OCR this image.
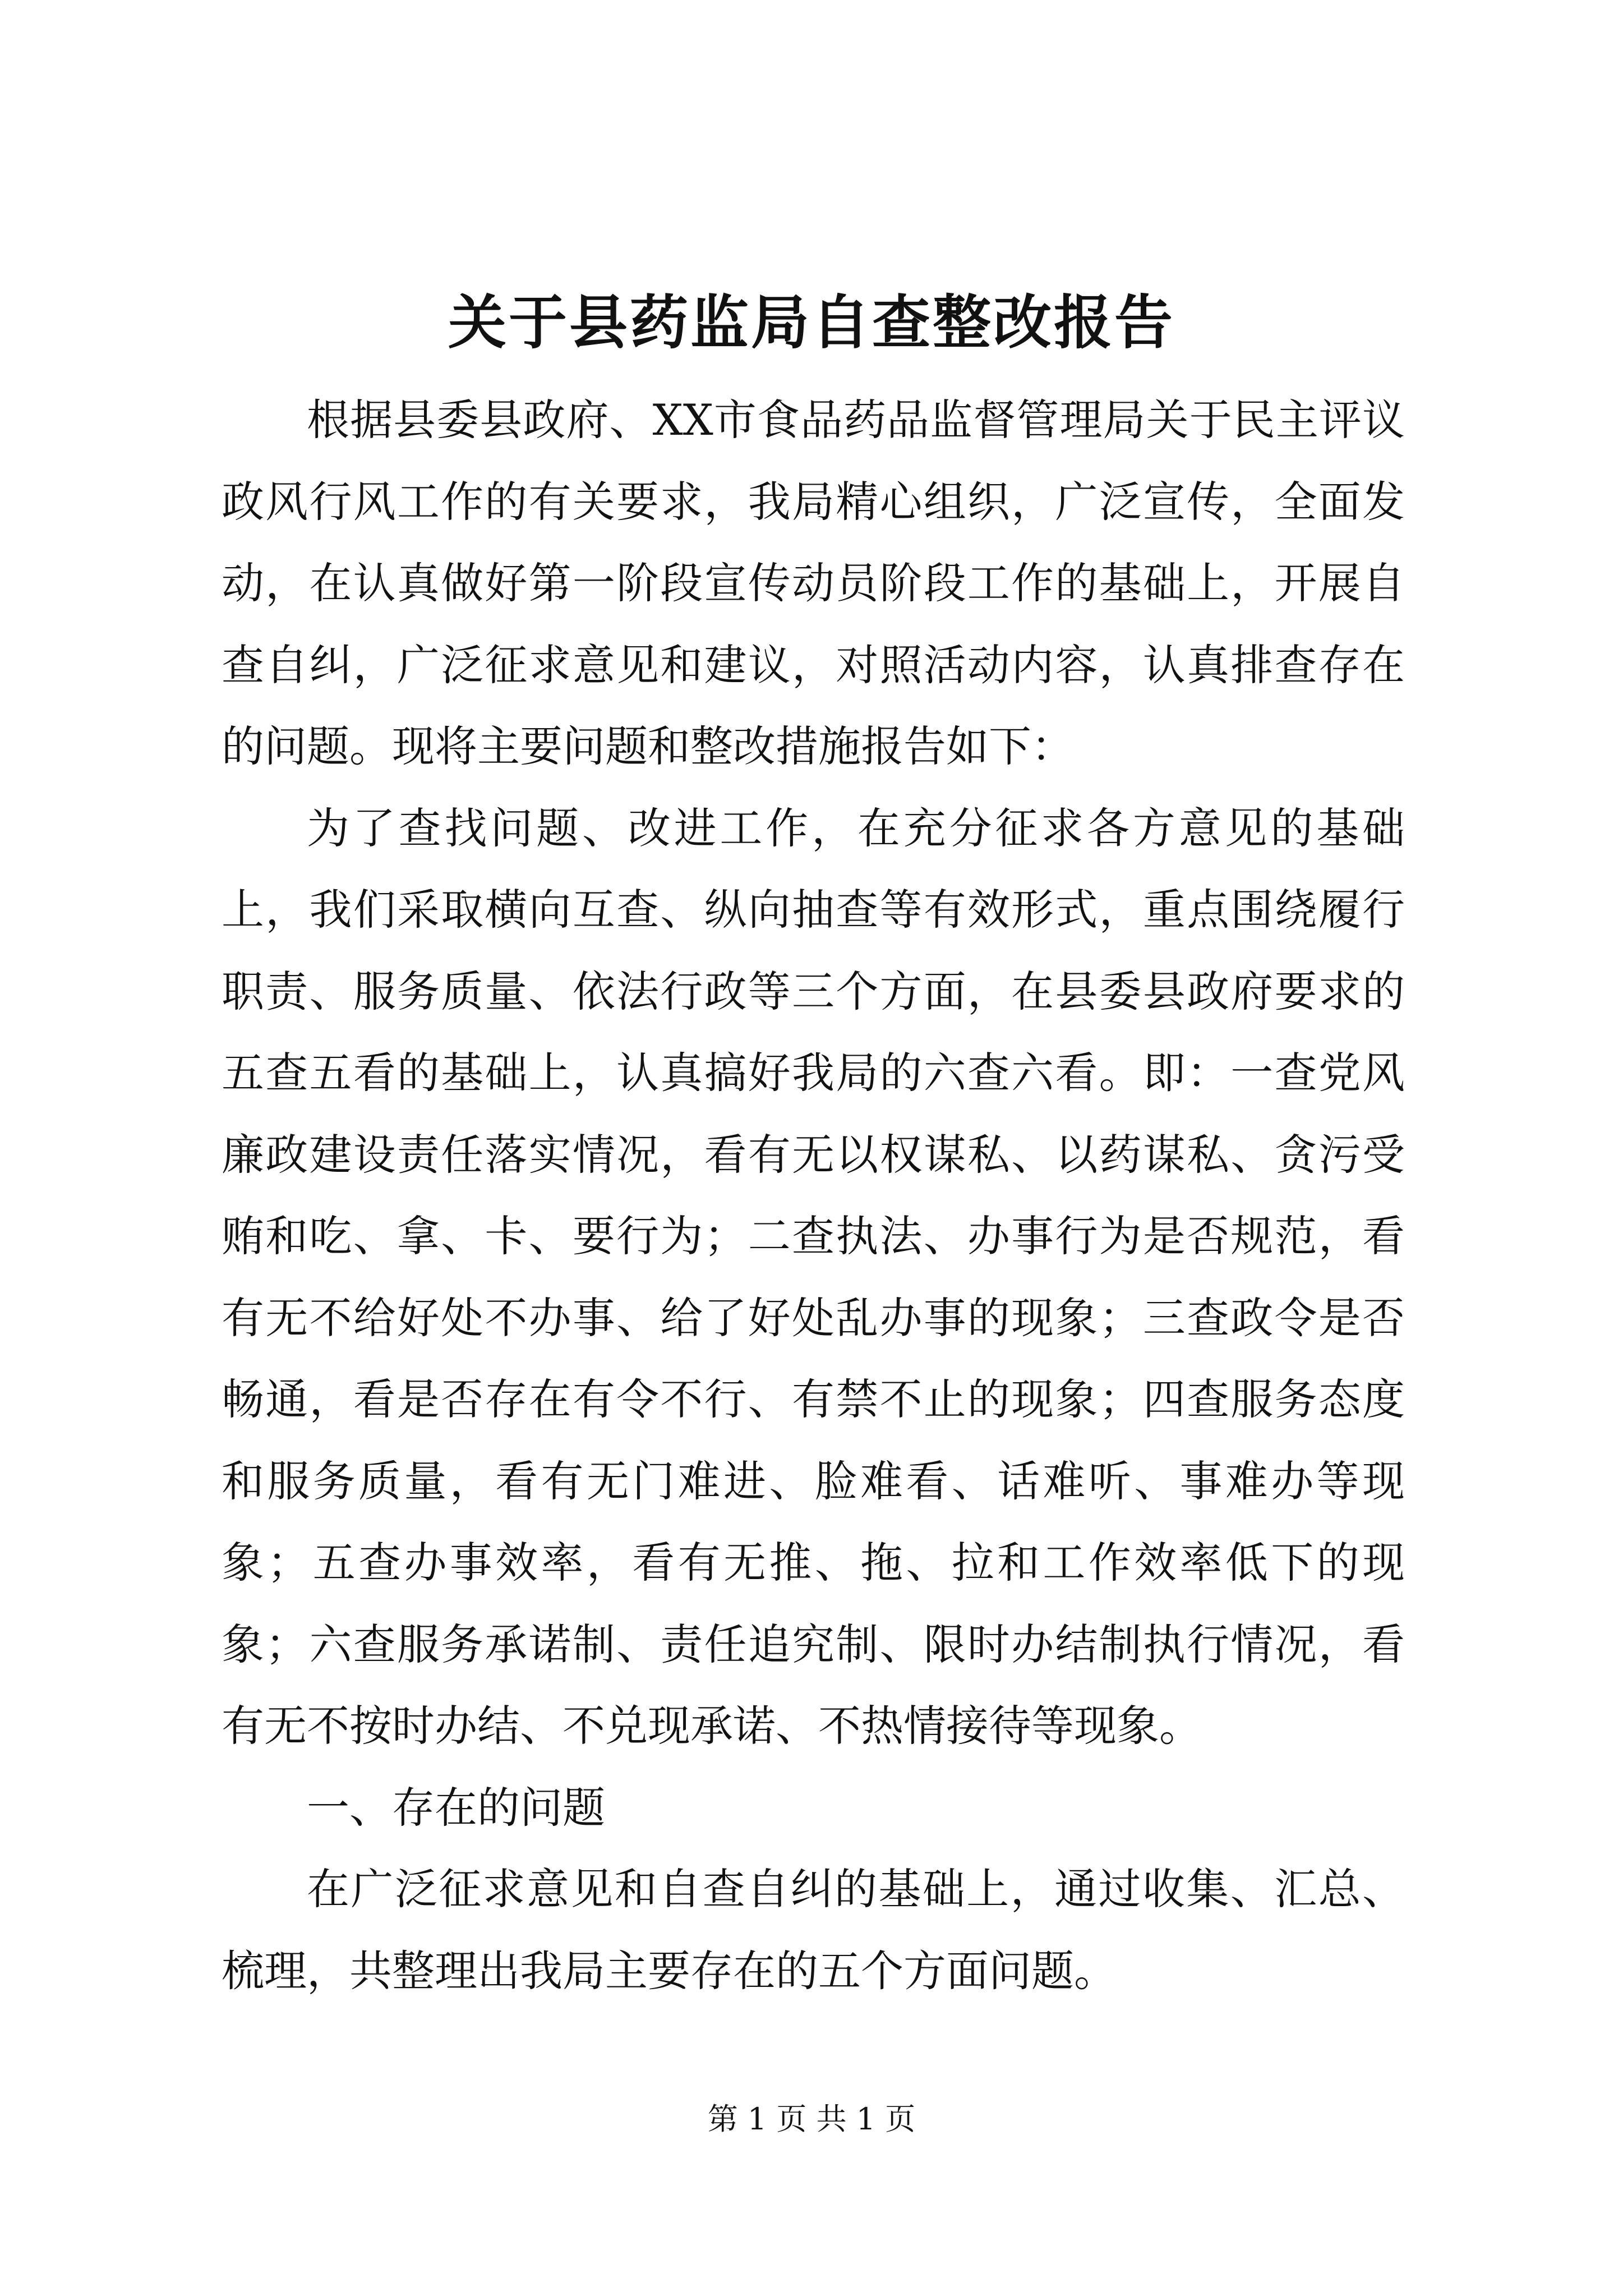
关于县药监局自查整改报告

根据县委县政府、XX市食品药品监督管理局关于民主评议政风行风工作的有关要求，我局精心组织，广泛宣传，全面发动，在认真做好第一阶段宣传动员阶段工作的基础上，开展自查自纠，广泛征求意见和建议，对照活动内容，认真排查存在的问题。现将主要问题和整改措施报告如下：

为了查找问题、改进工作，在充分征求各方意见的基础上，我们采取横向互查、纵向抽查等有效形式，重点围绕履行职责、服务质量、依法行政等三个方面，在县委县政府要求的五查五看的基础上，认真搞好我局的六查六看。即：一查党风廉政建设责任落实情况，看有无以权谋私、以药谋私、贪污受贿和吃、拿、卡、要行为；二查执法、办事行为是否规范，看有无不给好处不办事、给了好处乱办事的现象；三查政令是否畅通，看是否存在有令不行、有禁不止的现象；四查服务态度和服务质量，看有无门难进、脸难看、话难听、事难办等现象；五查办事效率，看有无推、拖、拉和工作效率低下的现象；六查服务承诺制、责任追究制、限时办结制执行情况，看有无不按时办结、不兑现承诺、不热情接待等现象。

一、存在的问题

在广泛征求意见和自查自纠的基础上，通过收集、汇总、梳理，共整理出我局主要存在的五个方面问题。

第 1 页 共 1 页
